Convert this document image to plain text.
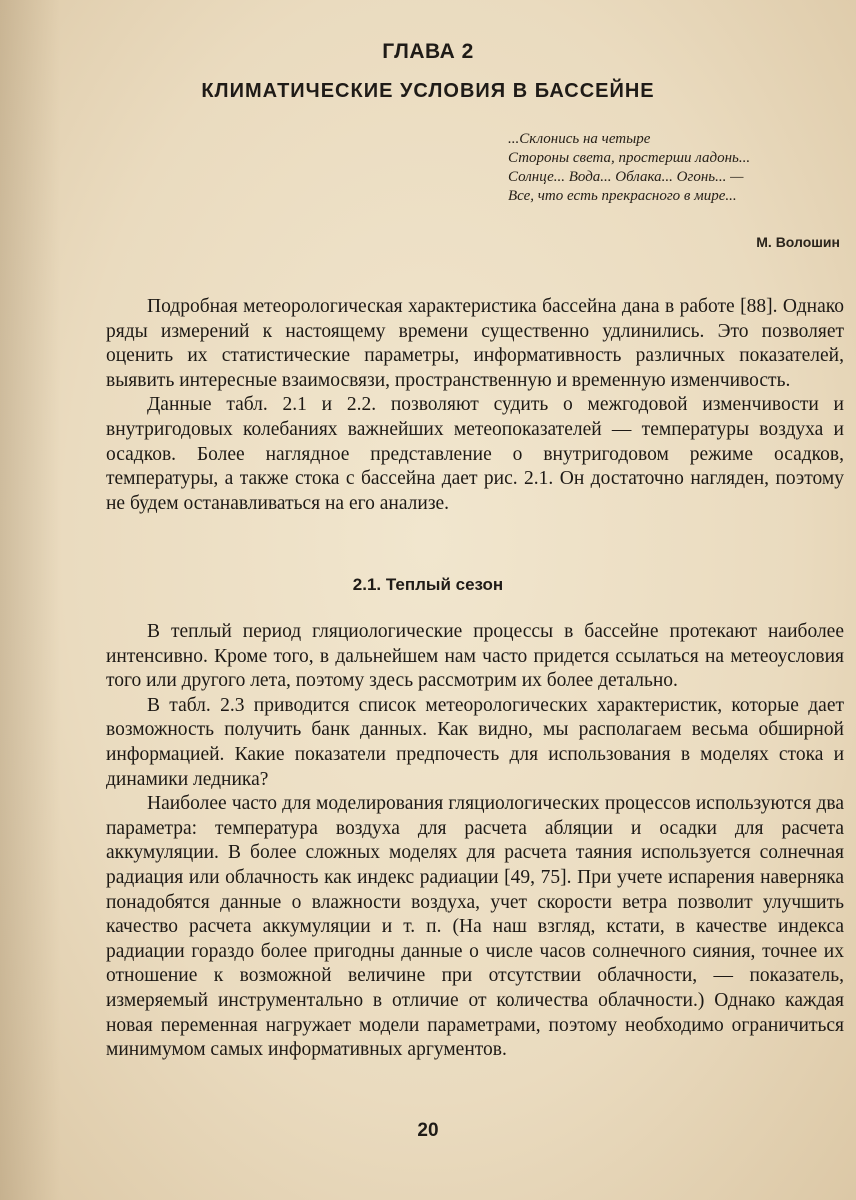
ГЛАВА 2
КЛИМАТИЧЕСКИЕ УСЛОВИЯ В БАССЕЙНЕ
...Склонись на четыре
Стороны света, простерши ладонь...
Солнце... Вода... Облака... Огонь... —
Все, что есть прекрасного в мире...
М. Волошин

Подробная метеорологическая характеристика бассейна дана в работе [88]. Однако ряды измерений к настоящему времени существенно удлинились. Это позволяет оценить их статистические параметры, информативность различных показателей, выявить интересные взаимосвязи, пространственную и временную изменчивость.

Данные табл. 2.1 и 2.2. позволяют судить о межгодовой изменчивости и внутригодовых колебаниях важнейших метеопоказателей — температуры воздуха и осадков. Более наглядное представление о внутригодовом режиме осадков, температуры, а также стока с бассейна дает рис. 2.1. Он достаточно нагляден, поэтому не будем останавливаться на его анализе.

2.1. Теплый сезон

В теплый период гляциологические процессы в бассейне протекают наиболее интенсивно. Кроме того, в дальнейшем нам часто придется ссылаться на метеоусловия того или другого лета, поэтому здесь рассмотрим их более детально.

В табл. 2.3 приводится список метеорологических характеристик, которые дает возможность получить банк данных. Как видно, мы располагаем весьма обширной информацией. Какие показатели предпочесть для использования в моделях стока и динамики ледника?

Наиболее часто для моделирования гляциологических процессов используются два параметра: температура воздуха для расчета абляции и осадки для расчета аккумуляции. В более сложных моделях для расчета таяния используется солнечная радиация или облачность как индекс радиации [49, 75]. При учете испарения наверняка понадобятся данные о влажности воздуха, учет скорости ветра позволит улучшить качество расчета аккумуляции и т. п. (На наш взгляд, кстати, в качестве индекса радиации гораздо более пригодны данные о числе часов солнечного сияния, точнее их отношение к возможной величине при отсутствии облачности, — показатель, измеряемый инструментально в отличие от количества облачности.) Однако каждая новая переменная нагружает модели параметрами, поэтому необходимо ограничиться минимумом самых информативных аргументов.

20
